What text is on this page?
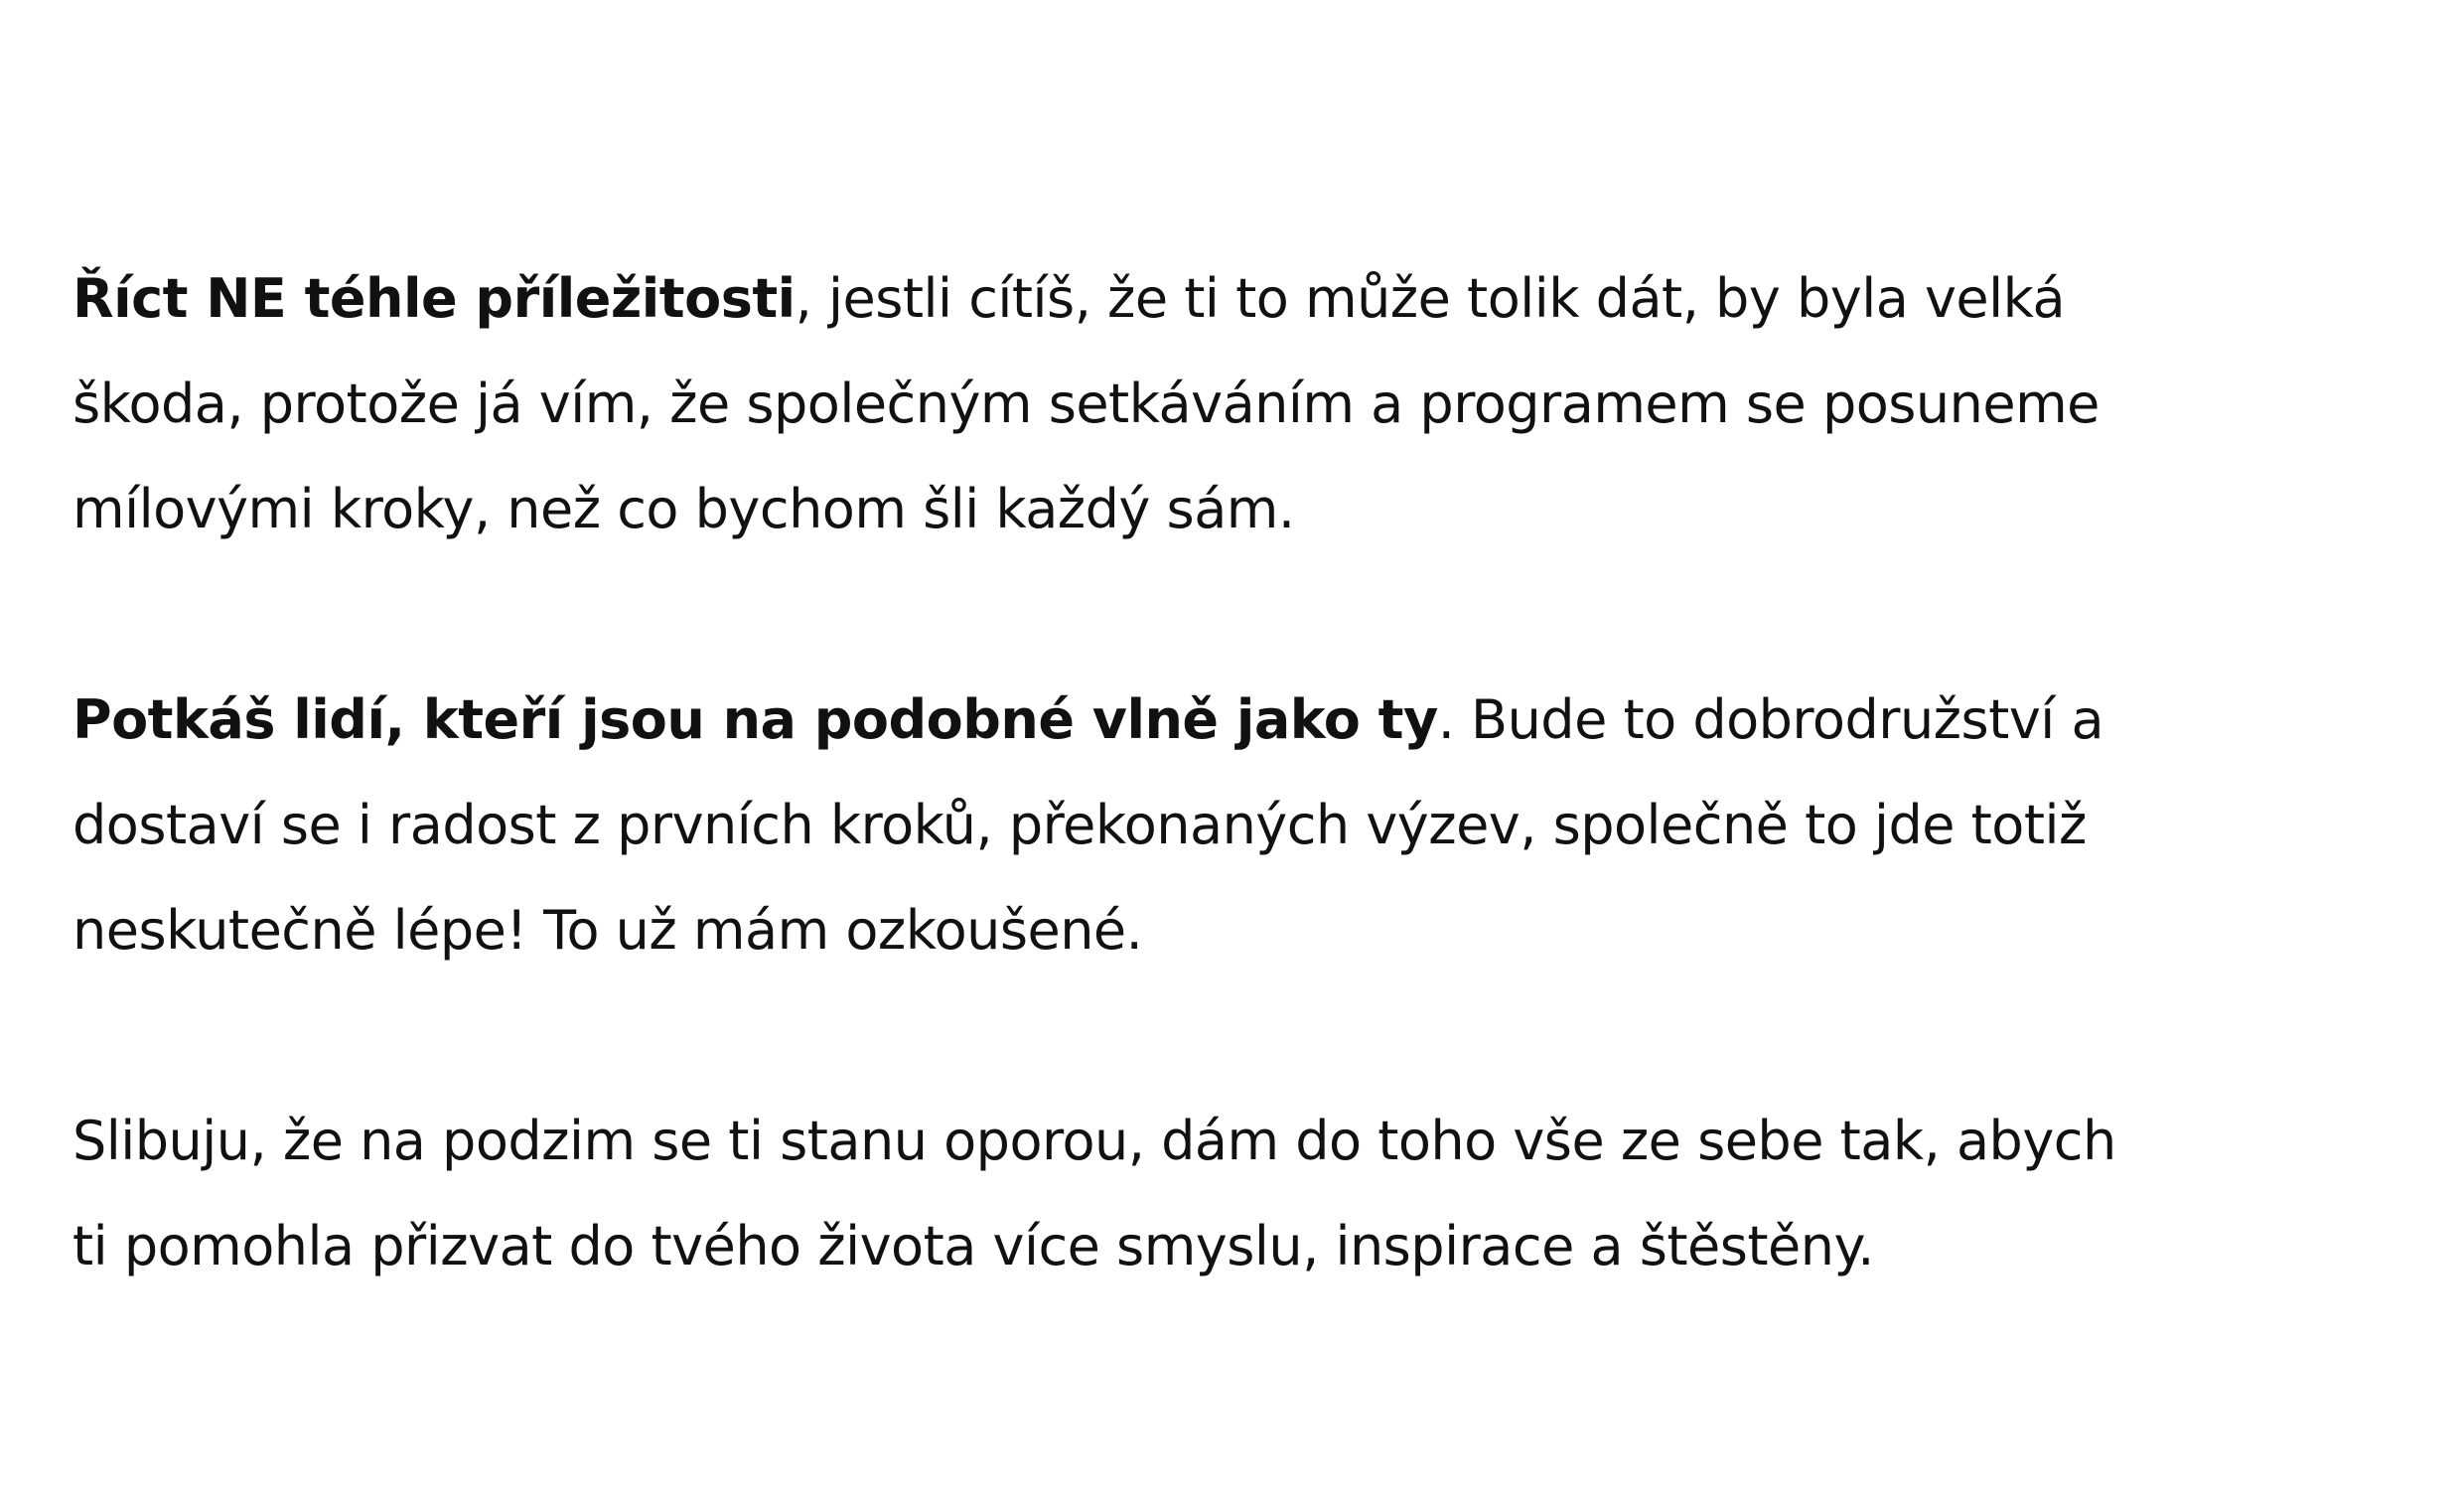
Říct NE téhle příležitosti, jestli cítíš, že ti to může tolik dát, by byla velká
škoda, protože já vím, že společným setkáváním a programem se posuneme
mílovými kroky, než co bychom šli každý sám.

Potkáš lidí, kteří jsou na podobné vlně jako ty. Bude to dobrodružství a
dostaví se i radost z prvních kroků, překonaných výzev, společně to jde totiž
neskutečně lépe! To už mám ozkoušené.

Slibuju, že na podzim se ti stanu oporou, dám do toho vše ze sebe tak, abych
ti pomohla přizvat do tvého života více smyslu, inspirace a štěstěny.
